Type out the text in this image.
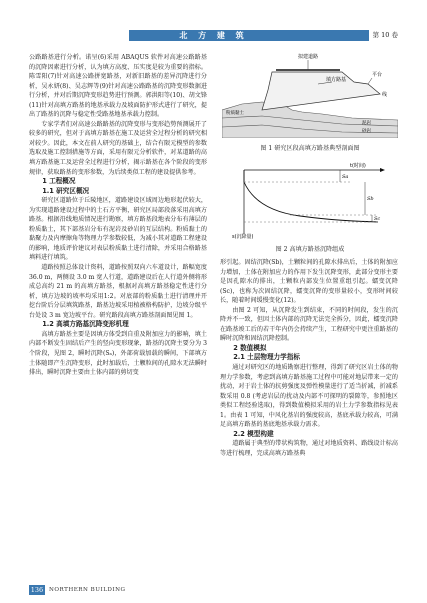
北 方 建 筑	第 10 卷

公路路基进行分析。诺呈(6)采用 ABAQUS 软件对高速公路路基的沉降因素进行分析，认为填方高度、压实度是较为重要的指标。陈雪阳(7)针对高速公路拼宽路基，对新旧路基的差异沉降进行分析，吴永妍(8)、吴志辉等(9)针对高速公路路基的沉降变形数据进行分析，并对后期沉降变形趋势进行预测。郭洪阳等(10)、胡文锋(11)针对高填方路基的地基承载力及坡面防护形式进行了研究，提出了路基的沉降与稳定性受路基地基承载力控制。

专家学者们对高速公路路基的沉降变形与变形趋势预测展开了较多的研究，但对于高填方路基在施工及运营全过程分析的研究相对较少。因此，本文在前人研究的基础上，结合有限元模型的参数选取及施工控制措施等方面，采用有限元分析软件，对某道路的高填方路基施工及运营全过程进行分析，揭示路基在各个阶段的变形规律，获取路基的变形参数，为后续类似工程的建设提供参考。

1 工程概况

1.1 研究区概况

研究区道路位于丘陵地区，道路建设区域周边地形起伏较大，为实现道路建设过程中的土石方平衡，研究区局部段落采用高填方路基。根据沿线地质情况进行勘察，填方路基段地表分布有薄层的粉质黏土，其下部基岩分布有泥岩及砂岩的互层结构。粉质黏土的黏聚力及内摩擦角等物理力学参数较低，为减小其对道路工程建设的影响，地质评价建议对表层粉质黏土进行清除，并采用合格路基填料进行填筑。

道路按照总体设计资料，道路按照双向六车道设计，路幅宽度 36.0 m，两侧设 3.0 m 宽人行道，道路建设后在人行道外侧将形成总高约 21 m 的高填方路基，根据对高填方路基稳定性进行分析，填方边坡的坡率均采用1:2。对底部的粉质黏土进行清理并开挖台阶后分层填筑路基，路基边坡采用植被格构防护，边坡分级平台处设 3 m 宽边坡平台。研究路段高填方路基剖面图见图 1。

1.2 高填方路基沉降变形机理

高填方路基主要是因填方体受到自重及附加应力的影响，填土内部不断发生固结后产生的竖向变形现象，路基的沉降主要分为 3 个阶段，见图 2，瞬时沉降(Sₐ)，外部荷载加载的瞬间，下部填方土体随即产生沉降变形，此时加载后，土颗粒间的孔隙水无法瞬时排出，瞬时沉降主要由土体内部的剪切变

拟建道路
填方路基
平台
线
粉质黏土
泥岩
砂岩
图 1 研究区段高填方路基典型剖面图
t(时间)
Sa
Sb
Sc
s(沉降量)
图 2 高填方路基沉降组成

形引起。固结沉降(Sb)，土颗粒间的孔隙水排出后，土体的附加应力增加，土体在附加应力的作用下发生沉降变形，此部分变形主要是因孔隙水的排出，土颗粒内部发生位置重组引起。蠕变沉降(Sc)，也称为次固结沉降，蠕变沉降的变形量较小，变形时间较长，随着时间缓慢变化(12)。

由图 2 可知，从沉降发生到结束，不同的时间段，发生的沉降并不一致，但因土体内部的沉降无法完全拆分，因此，蠕变沉降在路基竣工后的若干年内仍会持续产生，工程研究中更注重路基的瞬时沉降和固结沉降控制。

2 数值模拟

2.1 土层物理力学指标

通过对研究区的地质勘察进行整理，得到了研究区岩土体的物理力学参数，考虑到高填方路基施工过程中可能对地层带来一定的扰动，对于岩土体的抗剪强度及弹性模量进行了适当折减，折减系数采用 0.8 (考虑岩层的扰动及内部不可探明的裂隙等，参照地区类似工程经验选取)，得到数值模拟采用的岩土力学参数指标见表 1。由表 1 可知，中风化基岩的强度较高，基底承载力较高，可满足高填方路基的基底地基承载力需求。

2.2 模型构建

道路属于典型的带状构筑物，通过对地质资料、路线设计标高等进行梳理，完成高填方路基典

136	NORTHERN BUILDING
